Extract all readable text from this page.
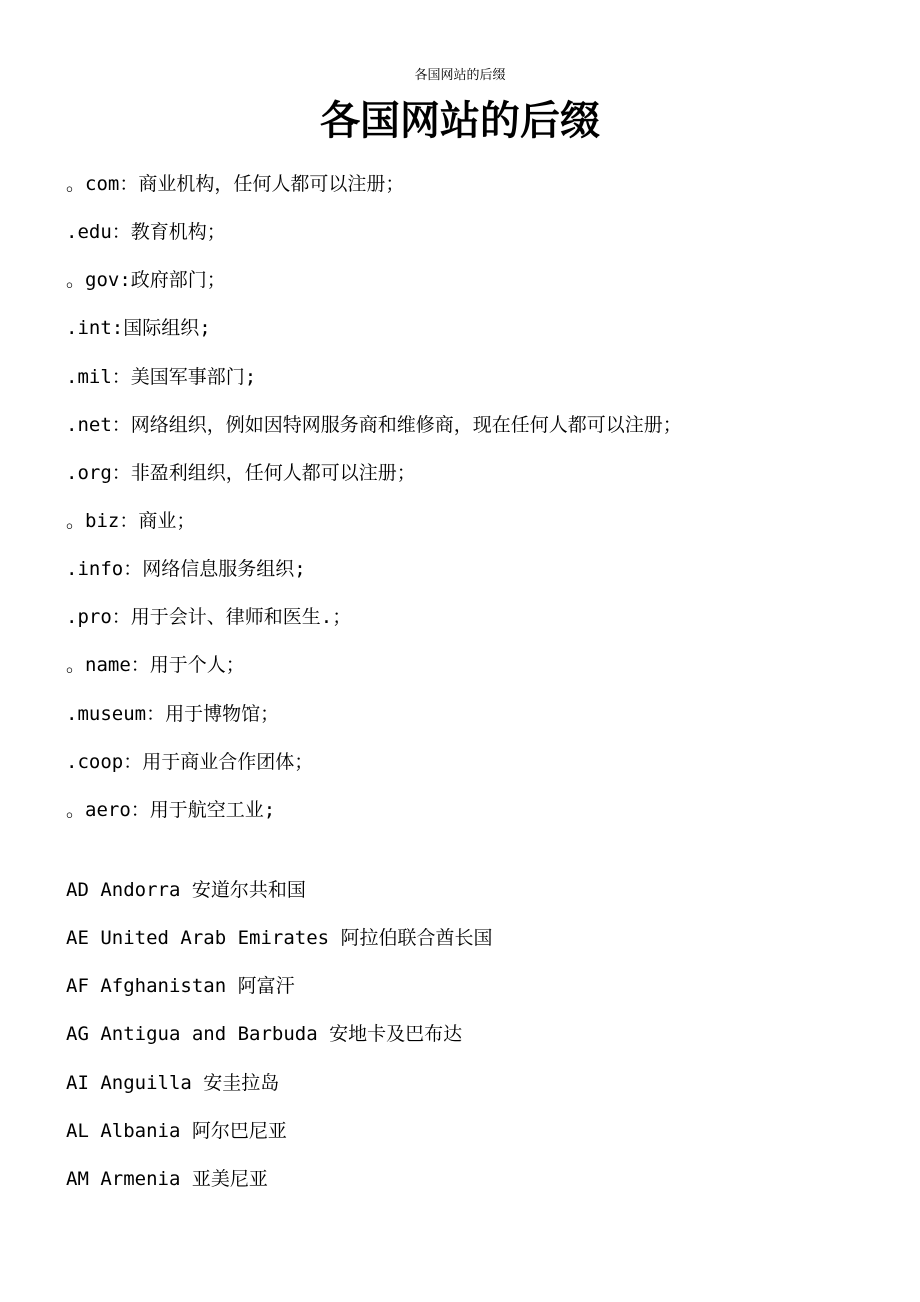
各国网站的后缀
各国网站的后缀
。com：商业机构，任何人都可以注册；
.edu：教育机构；
。gov:政府部门；
.int:国际组织;
.mil：美国军事部门;
.net：网络组织，例如因特网服务商和维修商，现在任何人都可以注册；
.org：非盈利组织，任何人都可以注册；
。biz：商业；
.info：网络信息服务组织;
.pro：用于会计、律师和医生.；
。name：用于个人；
.museum：用于博物馆；
.coop：用于商业合作团体；
。aero：用于航空工业;
AD Andorra 安道尔共和国
AE United Arab Emirates 阿拉伯联合酋长国
AF Afghanistan 阿富汗
AG Antigua and Barbuda 安地卡及巴布达
AI Anguilla 安圭拉岛
AL Albania 阿尔巴尼亚
AM Armenia 亚美尼亚
